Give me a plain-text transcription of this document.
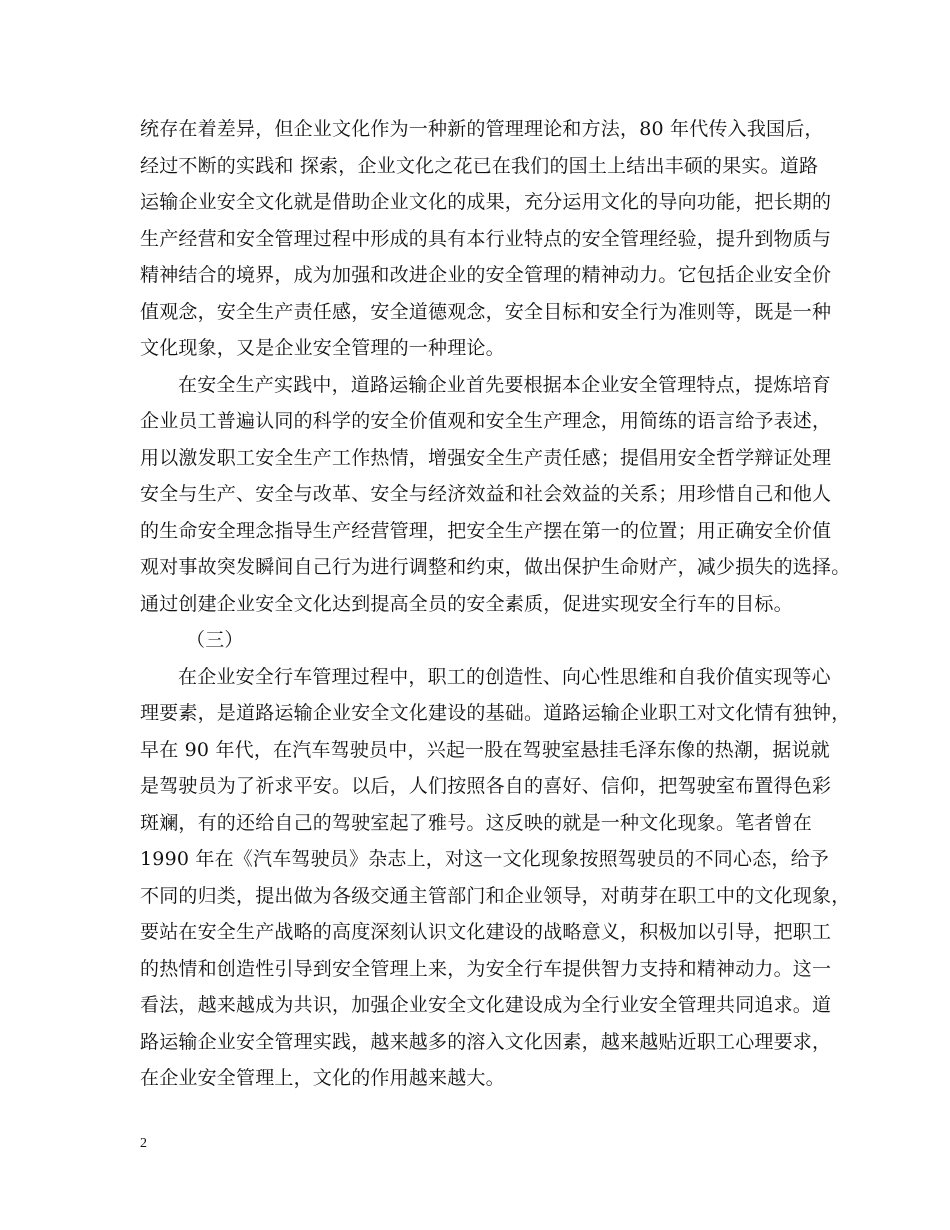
统存在着差异，但企业文化作为一种新的管理理论和方法，80 年代传入我国后，
经过不断的实践和 探索，企业文化之花已在我们的国土上结出丰硕的果实。道路
运输企业安全文化就是借助企业文化的成果，充分运用文化的导向功能，把长期的
生产经营和安全管理过程中形成的具有本行业特点的安全管理经验，提升到物质与
精神结合的境界，成为加强和改进企业的安全管理的精神动力。它包括企业安全价
值观念，安全生产责任感，安全道德观念，安全目标和安全行为准则等，既是一种
文化现象，又是企业安全管理的一种理论。
在安全生产实践中，道路运输企业首先要根据本企业安全管理特点，提炼培育
企业员工普遍认同的科学的安全价值观和安全生产理念，用简练的语言给予表述，
用以激发职工安全生产工作热情，增强安全生产责任感；提倡用安全哲学辩证处理
安全与生产、安全与改革、安全与经济效益和社会效益的关系；用珍惜自己和他人
的生命安全理念指导生产经营管理，把安全生产摆在第一的位置；用正确安全价值
观对事故突发瞬间自己行为进行调整和约束，做出保护生命财产，减少损失的选择。
通过创建企业安全文化达到提高全员的安全素质，促进实现安全行车的目标。
（三）
在企业安全行车管理过程中，职工的创造性、向心性思维和自我价值实现等心
理要素，是道路运输企业安全文化建设的基础。道路运输企业职工对文化情有独钟，
早在 90 年代，在汽车驾驶员中，兴起一股在驾驶室悬挂毛泽东像的热潮，据说就
是驾驶员为了祈求平安。以后，人们按照各自的喜好、信仰，把驾驶室布置得色彩
斑斓，有的还给自己的驾驶室起了雅号。这反映的就是一种文化现象。笔者曾在
1990 年在《汽车驾驶员》杂志上，对这一文化现象按照驾驶员的不同心态，给予
不同的归类，提出做为各级交通主管部门和企业领导，对萌芽在职工中的文化现象，
要站在安全生产战略的高度深刻认识文化建设的战略意义，积极加以引导，把职工
的热情和创造性引导到安全管理上来，为安全行车提供智力支持和精神动力。这一
看法，越来越成为共识，加强企业安全文化建设成为全行业安全管理共同追求。道
路运输企业安全管理实践，越来越多的溶入文化因素，越来越贴近职工心理要求，
在企业安全管理上，文化的作用越来越大。
2
